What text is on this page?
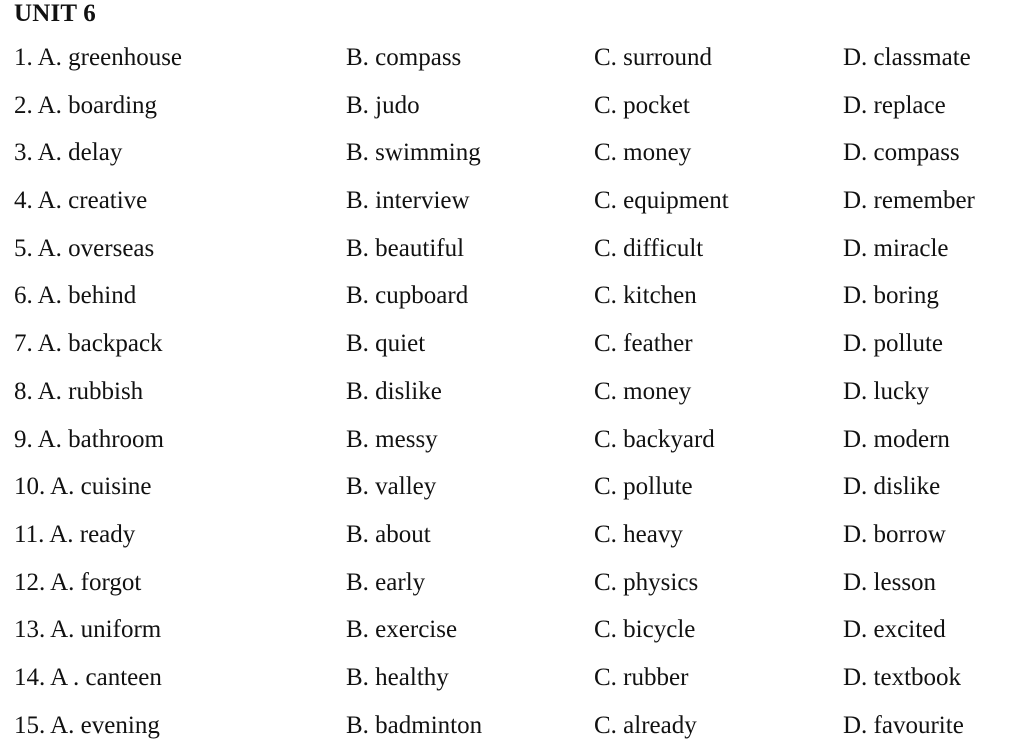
UNIT 6
1. A. greenhouse	B. compass	C. surround	D. classmate
2. A. boarding	B. judo	C. pocket	D. replace
3. A. delay	B. swimming	C. money	D. compass
4. A. creative	B. interview	C. equipment	D. remember
5. A. overseas	B. beautiful	C. difficult	D. miracle
6. A. behind	B. cupboard	C. kitchen	D. boring
7. A. backpack	B. quiet	C. feather	D. pollute
8. A. rubbish	B. dislike	C. money	D. lucky
9. A. bathroom	B. messy	C. backyard	D. modern
10. A. cuisine	B. valley	C. pollute	D. dislike
11. A. ready	B. about	C. heavy	D. borrow
12. A. forgot	B. early	C. physics	D. lesson
13. A. uniform	B. exercise	C. bicycle	D. excited
14. A . canteen	B. healthy	C. rubber	D. textbook
15. A. evening	B. badminton	C. already	D. favourite
